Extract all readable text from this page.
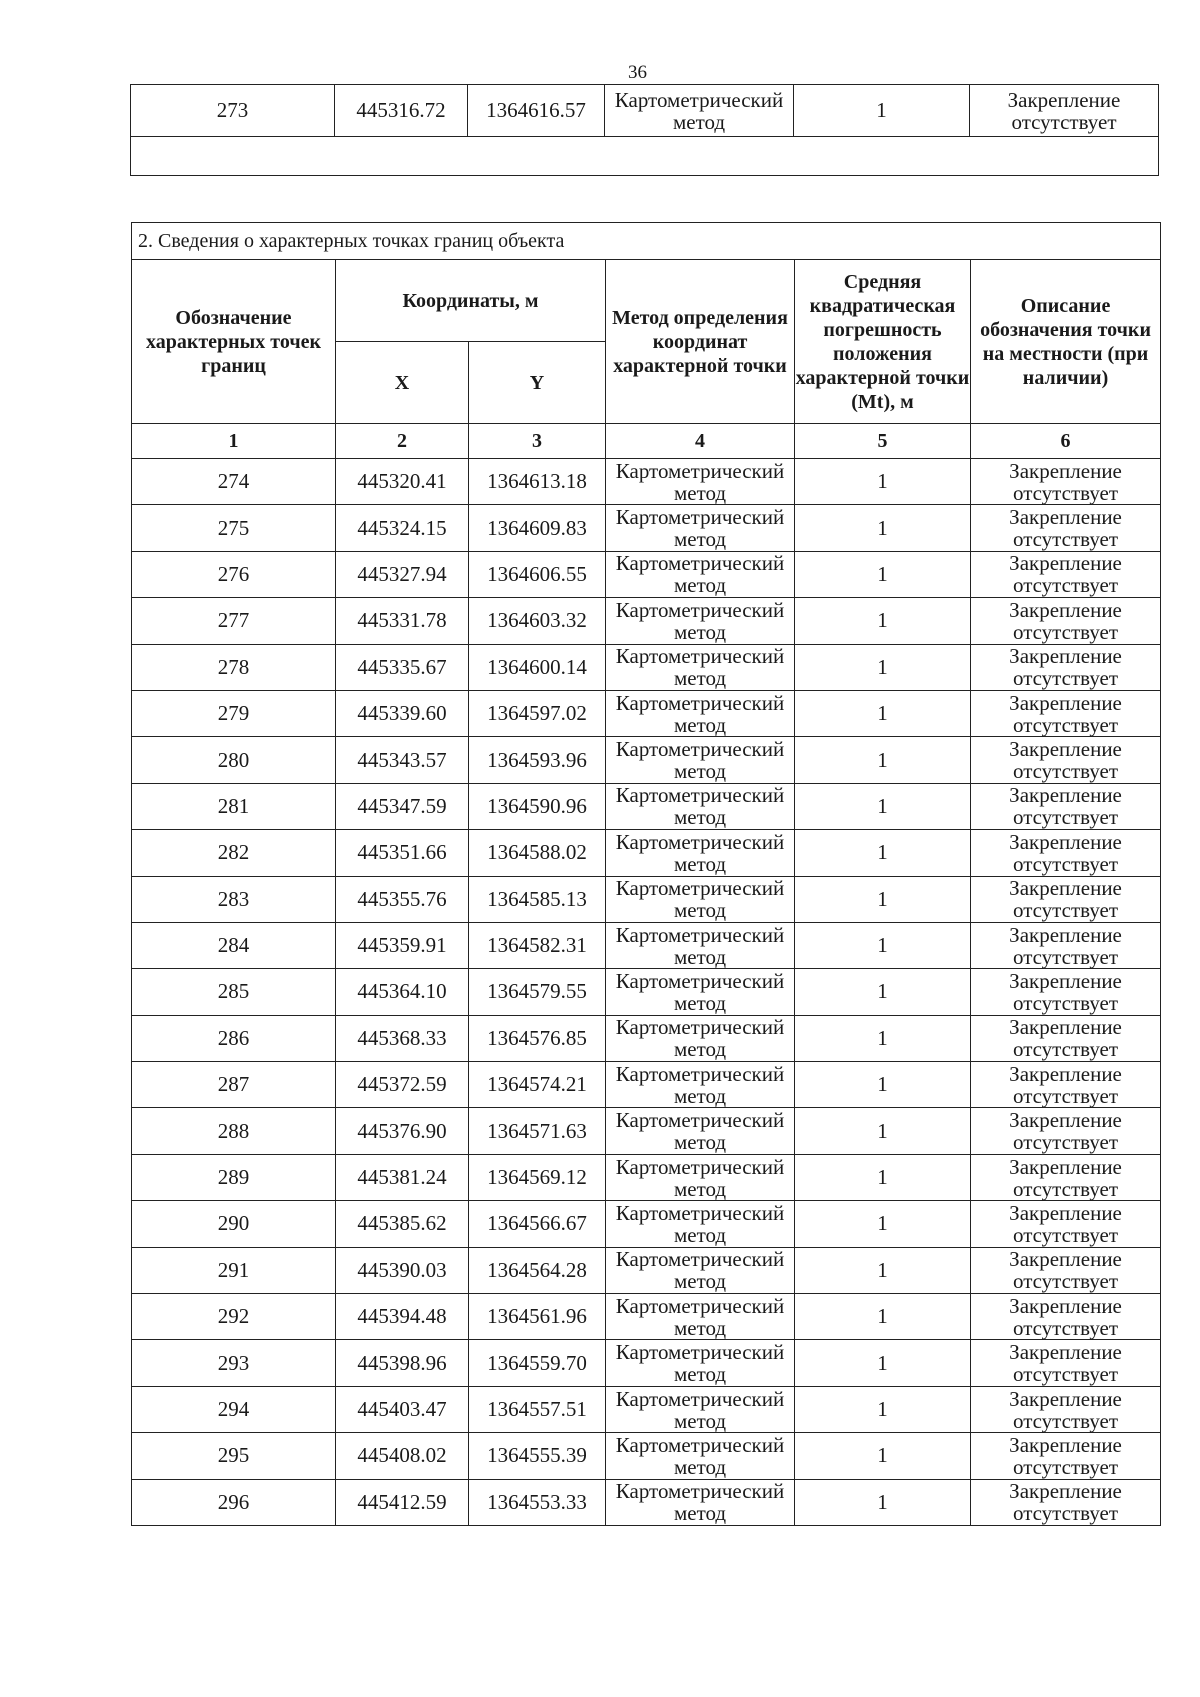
36
273	445316.72	1364616.57	Картометрический метод	1	Закрепление отсутствует

2. Сведения о характерных точках границ объекта					
Обозначение характерных точек границ	Координаты, м		Метод определения координат характерной точки	Средняя квадратическая погрешность положения характерной точки (Mt), м	Описание обозначения точки на местности (при наличии)
	X	Y			
1	2	3	4	5	6
274	445320.41	1364613.18	Картометрический метод	1	Закрепление отсутствует
275	445324.15	1364609.83	Картометрический метод	1	Закрепление отсутствует
276	445327.94	1364606.55	Картометрический метод	1	Закрепление отсутствует
277	445331.78	1364603.32	Картометрический метод	1	Закрепление отсутствует
278	445335.67	1364600.14	Картометрический метод	1	Закрепление отсутствует
279	445339.60	1364597.02	Картометрический метод	1	Закрепление отсутствует
280	445343.57	1364593.96	Картометрический метод	1	Закрепление отсутствует
281	445347.59	1364590.96	Картометрический метод	1	Закрепление отсутствует
282	445351.66	1364588.02	Картометрический метод	1	Закрепление отсутствует
283	445355.76	1364585.13	Картометрический метод	1	Закрепление отсутствует
284	445359.91	1364582.31	Картометрический метод	1	Закрепление отсутствует
285	445364.10	1364579.55	Картометрический метод	1	Закрепление отсутствует
286	445368.33	1364576.85	Картометрический метод	1	Закрепление отсутствует
287	445372.59	1364574.21	Картометрический метод	1	Закрепление отсутствует
288	445376.90	1364571.63	Картометрический метод	1	Закрепление отсутствует
289	445381.24	1364569.12	Картометрический метод	1	Закрепление отсутствует
290	445385.62	1364566.67	Картометрический метод	1	Закрепление отсутствует
291	445390.03	1364564.28	Картометрический метод	1	Закрепление отсутствует
292	445394.48	1364561.96	Картометрический метод	1	Закрепление отсутствует
293	445398.96	1364559.70	Картометрический метод	1	Закрепление отсутствует
294	445403.47	1364557.51	Картометрический метод	1	Закрепление отсутствует
295	445408.02	1364555.39	Картометрический метод	1	Закрепление отсутствует
296	445412.59	1364553.33	Картометрический метод	1	Закрепление отсутствует
